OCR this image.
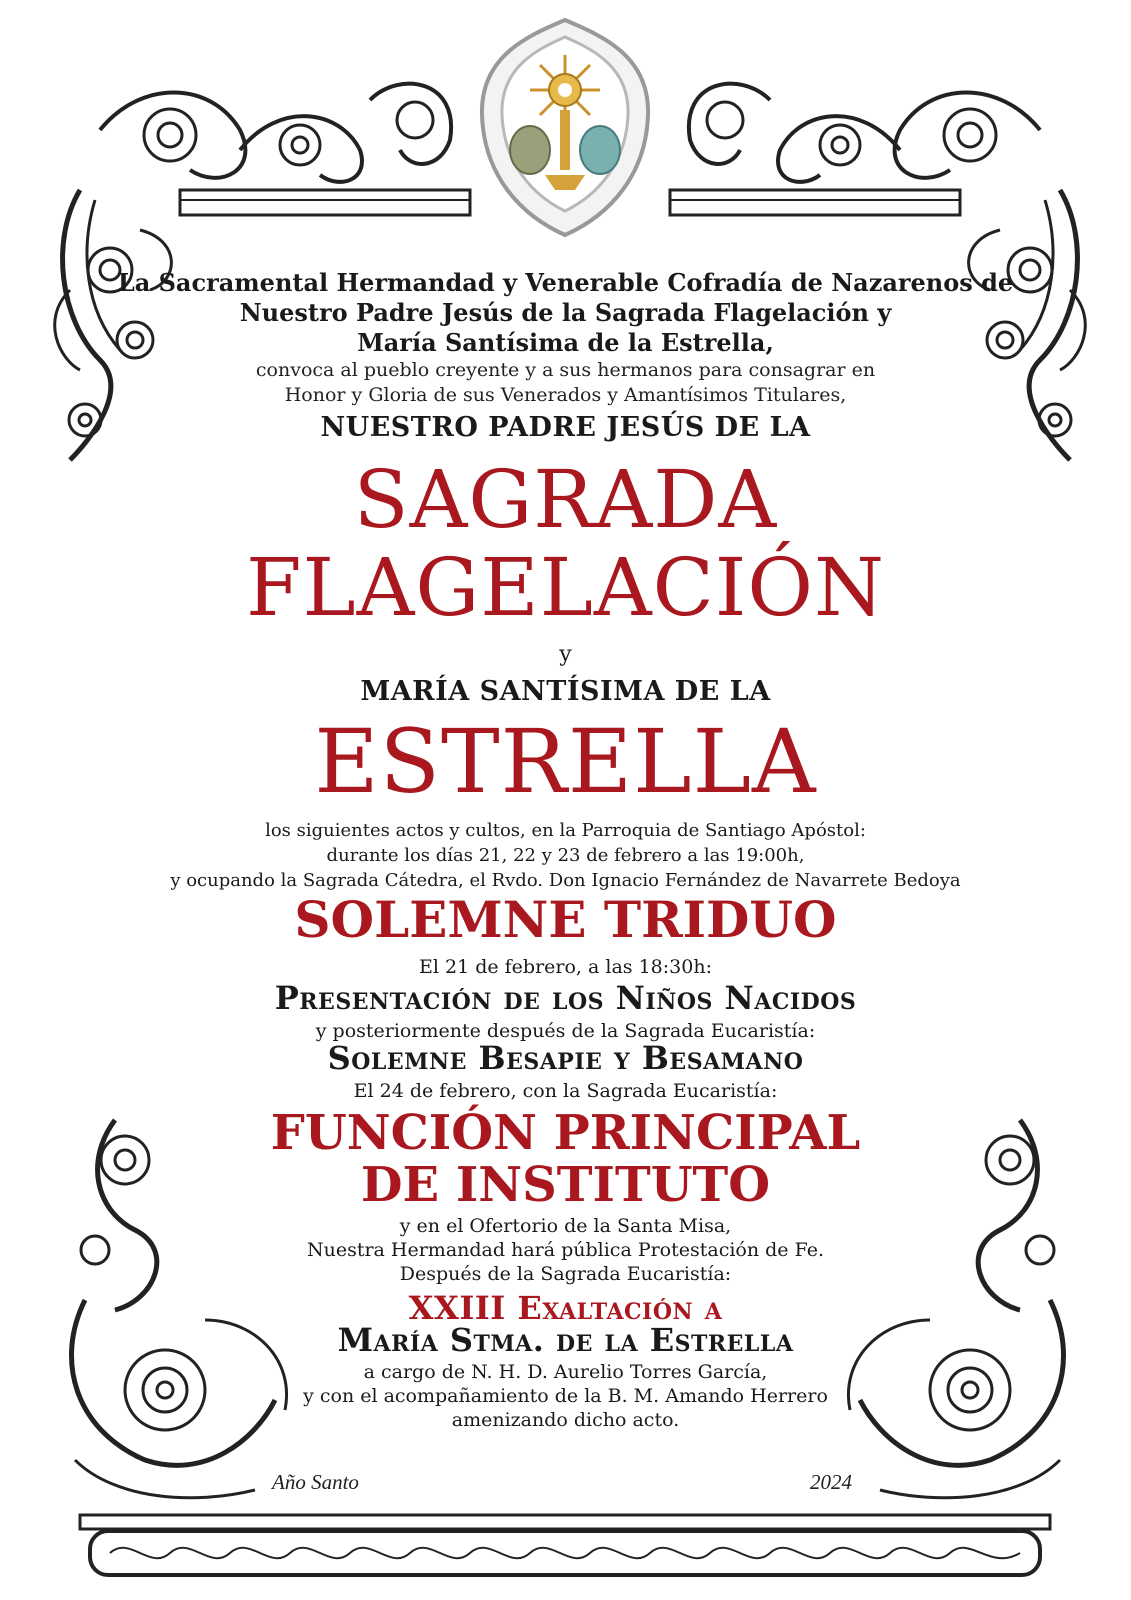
La Sacramental Hermandad y Venerable Cofradía de Nazarenos de
Nuestro Padre Jesús de la Sagrada Flagelación y
María Santísima de la Estrella,
convoca al pueblo creyente y a sus hermanos para consagrar en
Honor y Gloria de sus Venerados y Amantísimos Titulares,
NUESTRO PADRE JESÚS DE LA
SAGRADA
FLAGELACIÓN
y
MARÍA SANTÍSIMA DE LA
ESTRELLA
los siguientes actos y cultos, en la Parroquia de Santiago Apóstol:
durante los días 21, 22 y 23 de febrero a las 19:00h,
y ocupando la Sagrada Cátedra, el Rvdo. Don Ignacio Fernández de Navarrete Bedoya
SOLEMNE TRIDUO
El 21 de febrero, a las 18:30h:
Presentación de los Niños Nacidos
y posteriormente después de la Sagrada Eucaristía:
Solemne Besapie y Besamano
El 24 de febrero, con la Sagrada Eucaristía:
FUNCIÓN PRINCIPAL
DE INSTITUTO
y en el Ofertorio de la Santa Misa,
Nuestra Hermandad hará pública Protestación de Fe.
Después de la Sagrada Eucaristía:
XXIII Exaltación a
María Stma. de la Estrella
a cargo de N. H. D. Aurelio Torres García,
y con el acompañamiento de la B. M. Amando Herrero
amenizando dicho acto.
Año Santo	2024
